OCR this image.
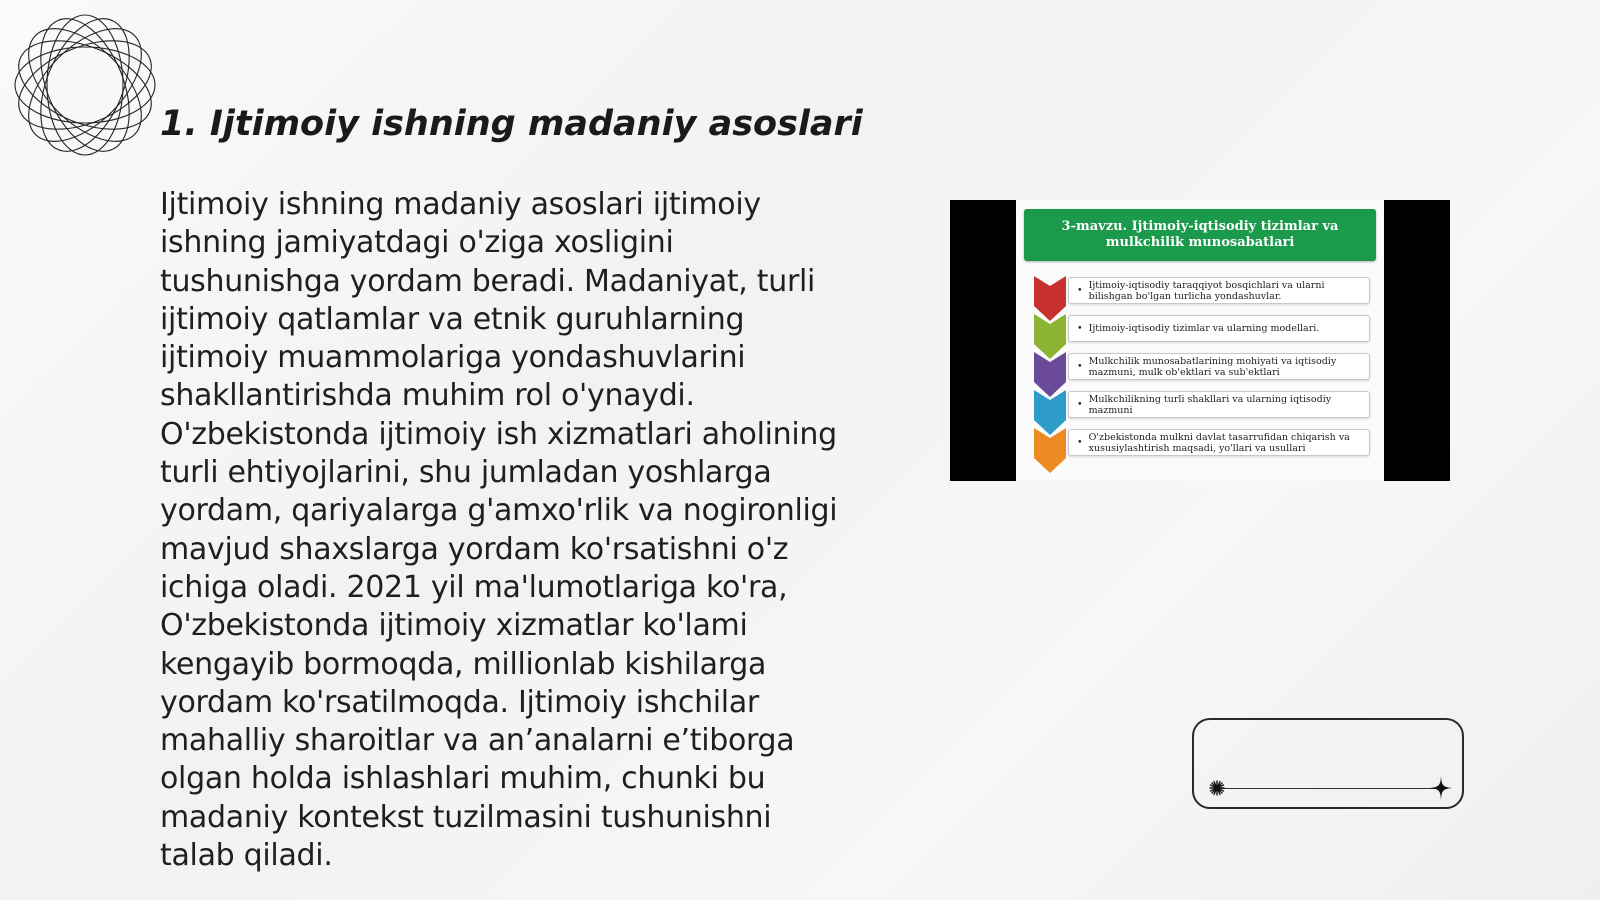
1. Ijtimoiy ishning madaniy asoslari
Ijtimoiy ishning madaniy asoslari ijtimoiy ishning jamiyatdagi o'ziga xosligini tushunishga yordam beradi. Madaniyat, turli ijtimoiy qatlamlar va etnik guruhlarning ijtimoiy muammolariga yondashuvlarini shakllantirishda muhim rol o'ynaydi. O'zbekistonda ijtimoiy ish xizmatlari aholining turli ehtiyojlarini, shu jumladan yoshlarga yordam, qariyalarga g'amxo'rlik va nogironligi mavjud shaxslarga yordam ko'rsatishni o'z ichiga oladi. 2021 yil ma'lumotlariga ko'ra, O'zbekistonda ijtimoiy xizmatlar ko'lami kengayib bormoqda, millionlab kishilarga yordam ko'rsatilmoqda. Ijtimoiy ishchilar mahalliy sharoitlar va an’analarni e’tiborga olgan holda ishlashlari muhim, chunki bu madaniy kontekst tuzilmasini tushunishni talab qiladi.
3-mavzu. Ijtimoiy-iqtisodiy tizimlar va mulkchilik munosabatlari
• Ijtimoiy-iqtisodiy taraqqiyot bosqichlari va ularni bilishgan bo'lgan turlicha yondashuvlar.
• Ijtimoiy-iqtisodiy tizimlar va ularning modellari.
• Mulkchilik munosabatlarining mohiyati va iqtisodiy mazmuni, mulk ob'ektlari va sub'ektlari
• Mulkchilikning turli shakllari va ularning iqtisodiy mazmuni
• O'zbekistonda mulkni davlat tasarrufidan chiqarish va xususiylashtirish maqsadi, yo'llari va usullari
